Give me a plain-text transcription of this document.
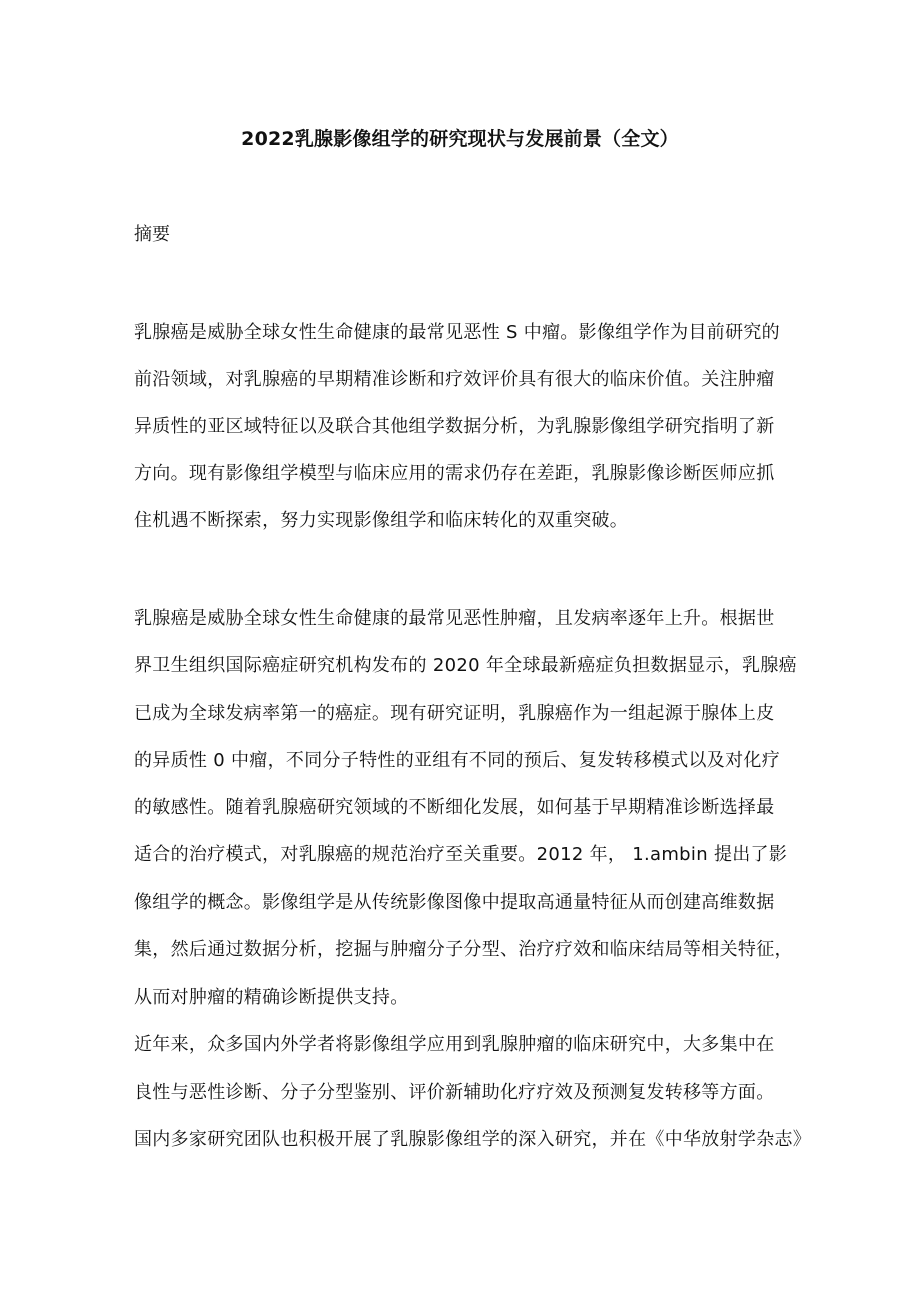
2022乳腺影像组学的研究现状与发展前景（全文）
摘要
乳腺癌是威胁全球女性生命健康的最常见恶性 S 中瘤。影像组学作为目前研究的
前沿领域，对乳腺癌的早期精准诊断和疗效评价具有很大的临床价值。关注肿瘤
异质性的亚区域特征以及联合其他组学数据分析，为乳腺影像组学研究指明了新
方向。现有影像组学模型与临床应用的需求仍存在差距，乳腺影像诊断医师应抓
住机遇不断探索，努力实现影像组学和临床转化的双重突破。
乳腺癌是威胁全球女性生命健康的最常见恶性肿瘤，且发病率逐年上升。根据世
界卫生组织国际癌症研究机构发布的 2020 年全球最新癌症负担数据显示，乳腺癌
已成为全球发病率第一的癌症。现有研究证明，乳腺癌作为一组起源于腺体上皮
的异质性 0 中瘤，不同分子特性的亚组有不同的预后、复发转移模式以及对化疗
的敏感性。随着乳腺癌研究领域的不断细化发展，如何基于早期精准诊断选择最
适合的治疗模式，对乳腺癌的规范治疗至关重要。2012 年， 1.ambin 提出了影
像组学的概念。影像组学是从传统影像图像中提取高通量特征从而创建高维数据
集，然后通过数据分析，挖掘与肿瘤分子分型、治疗疗效和临床结局等相关特征，
从而对肿瘤的精确诊断提供支持。
近年来，众多国内外学者将影像组学应用到乳腺肿瘤的临床研究中，大多集中在
良性与恶性诊断、分子分型鉴别、评价新辅助化疗疗效及预测复发转移等方面。
国内多家研究团队也积极开展了乳腺影像组学的深入研究，并在《中华放射学杂志》
